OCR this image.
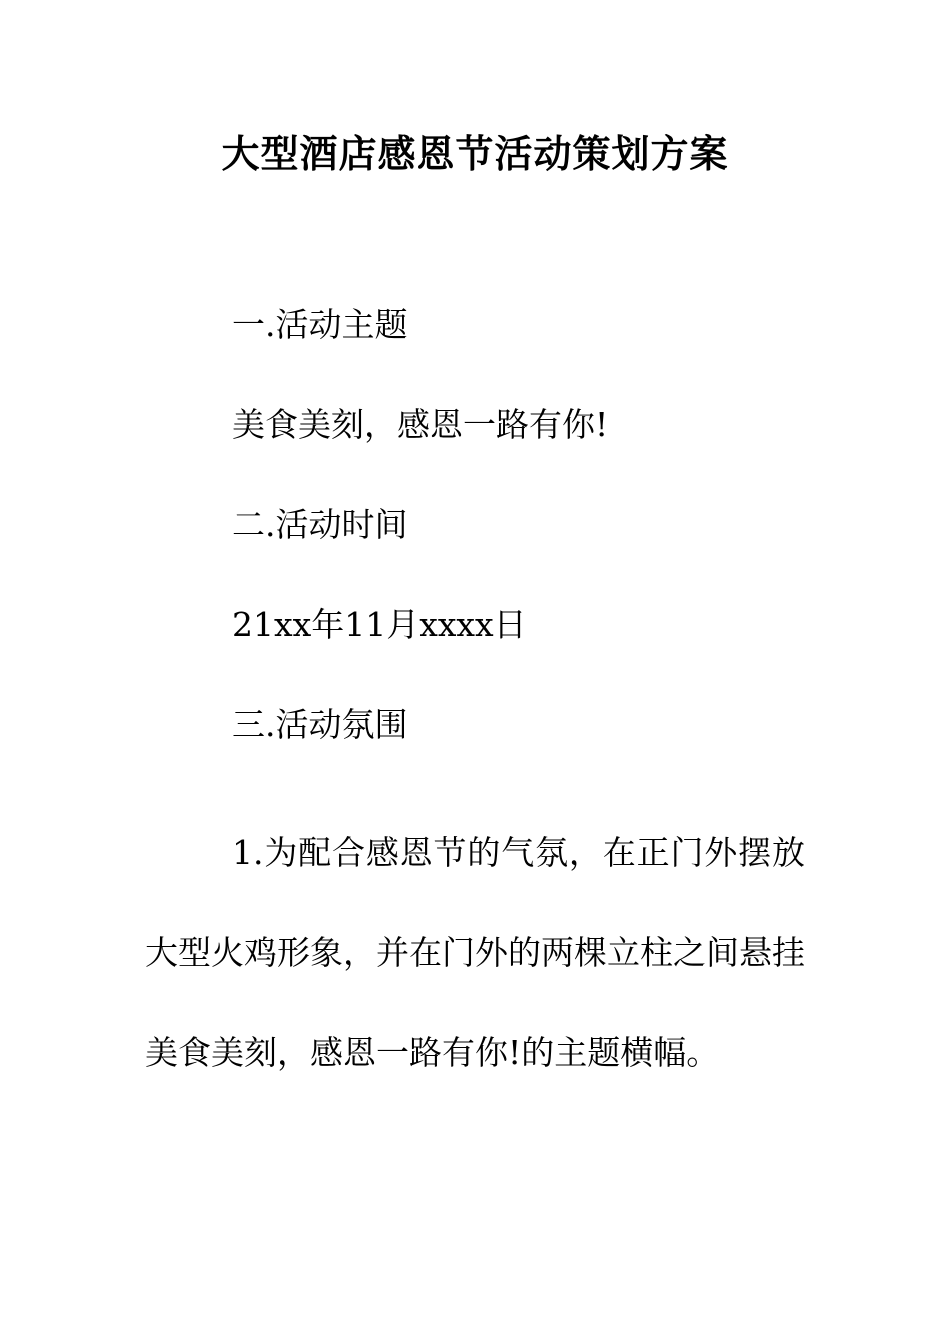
大型酒店感恩节活动策划方案

一.活动主题

美食美刻，感恩一路有你!

二.活动时间

21xx年11月xxxx日

三.活动氛围

1.为配合感恩节的气氛，在正门外摆放大型火鸡形象，并在门外的两棵立柱之间悬挂美食美刻，感恩一路有你!的主题横幅。
